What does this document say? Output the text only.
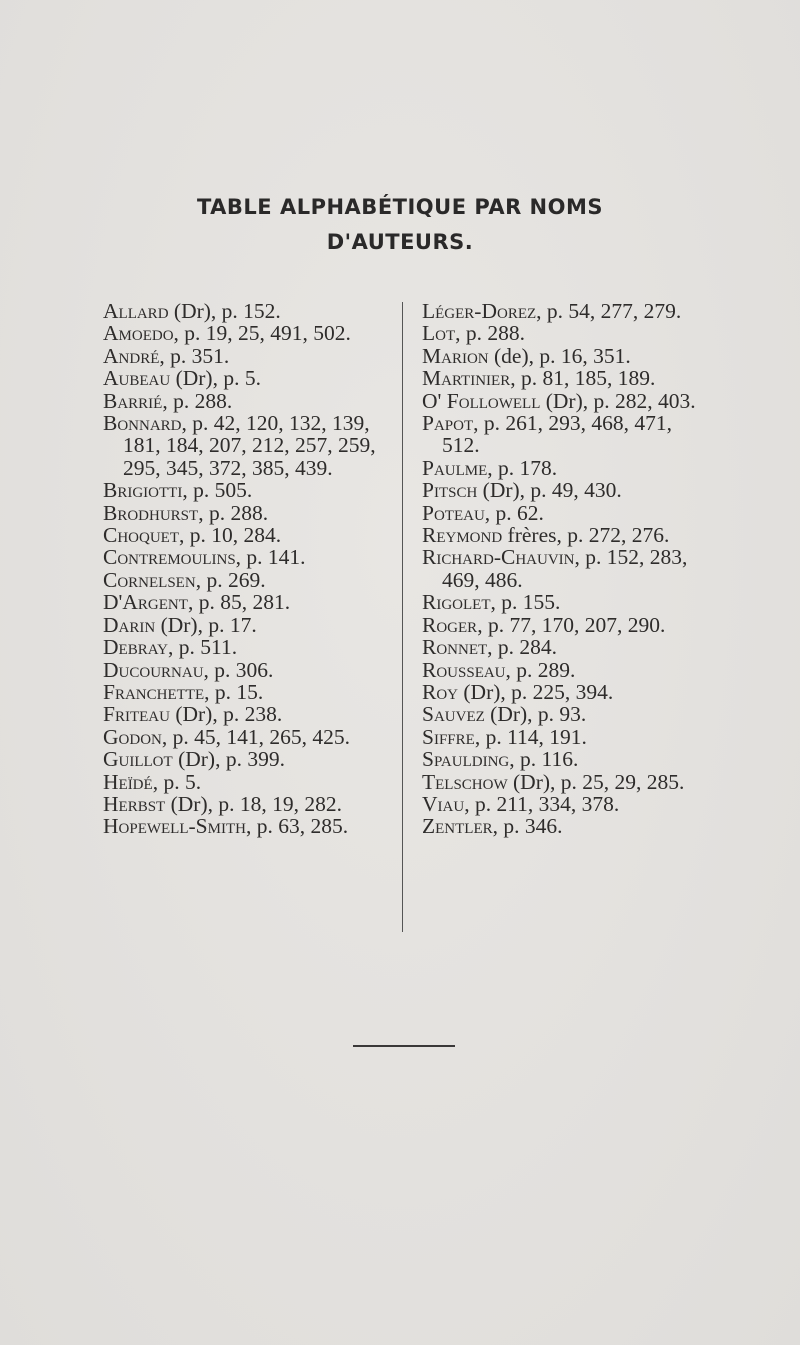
TABLE ALPHABÉTIQUE PAR NOMS
D'AUTEURS.

Allard (Dr), p. 152.

Amoedo, p. 19, 25, 491, 502.

André, p. 351.

Aubeau (Dr), p. 5.

Barrié, p. 288.

Bonnard, p. 42, 120, 132, 139, 181, 184, 207, 212, 257, 259, 295, 345, 372, 385, 439.

Brigiotti, p. 505.

Brodhurst, p. 288.

Choquet, p. 10, 284.

Contremoulins, p. 141.

Cornelsen, p. 269.

D'Argent, p. 85, 281.

Darin (Dr), p. 17.

Debray, p. 511.

Ducournau, p. 306.

Franchette, p. 15.

Friteau (Dr), p. 238.

Godon, p. 45, 141, 265, 425.

Guillot (Dr), p. 399.

Heïdé, p. 5.

Herbst (Dr), p. 18, 19, 282.

Hopewell-Smith, p. 63, 285.

Léger-Dorez, p. 54, 277, 279.

Lot, p. 288.

Marion (de), p. 16, 351.

Martinier, p. 81, 185, 189.

O' Followell (Dr), p. 282, 403.

Papot, p. 261, 293, 468, 471, 512.

Paulme, p. 178.

Pitsch (Dr), p. 49, 430.

Poteau, p. 62.

Reymond frères, p. 272, 276.

Richard-Chauvin, p. 152, 283, 469, 486.

Rigolet, p. 155.

Roger, p. 77, 170, 207, 290.

Ronnet, p. 284.

Rousseau, p. 289.

Roy (Dr), p. 225, 394.

Sauvez (Dr), p. 93.

Siffre, p. 114, 191.

Spaulding, p. 116.

Telschow (Dr), p. 25, 29, 285.

Viau, p. 211, 334, 378.

Zentler, p. 346.
